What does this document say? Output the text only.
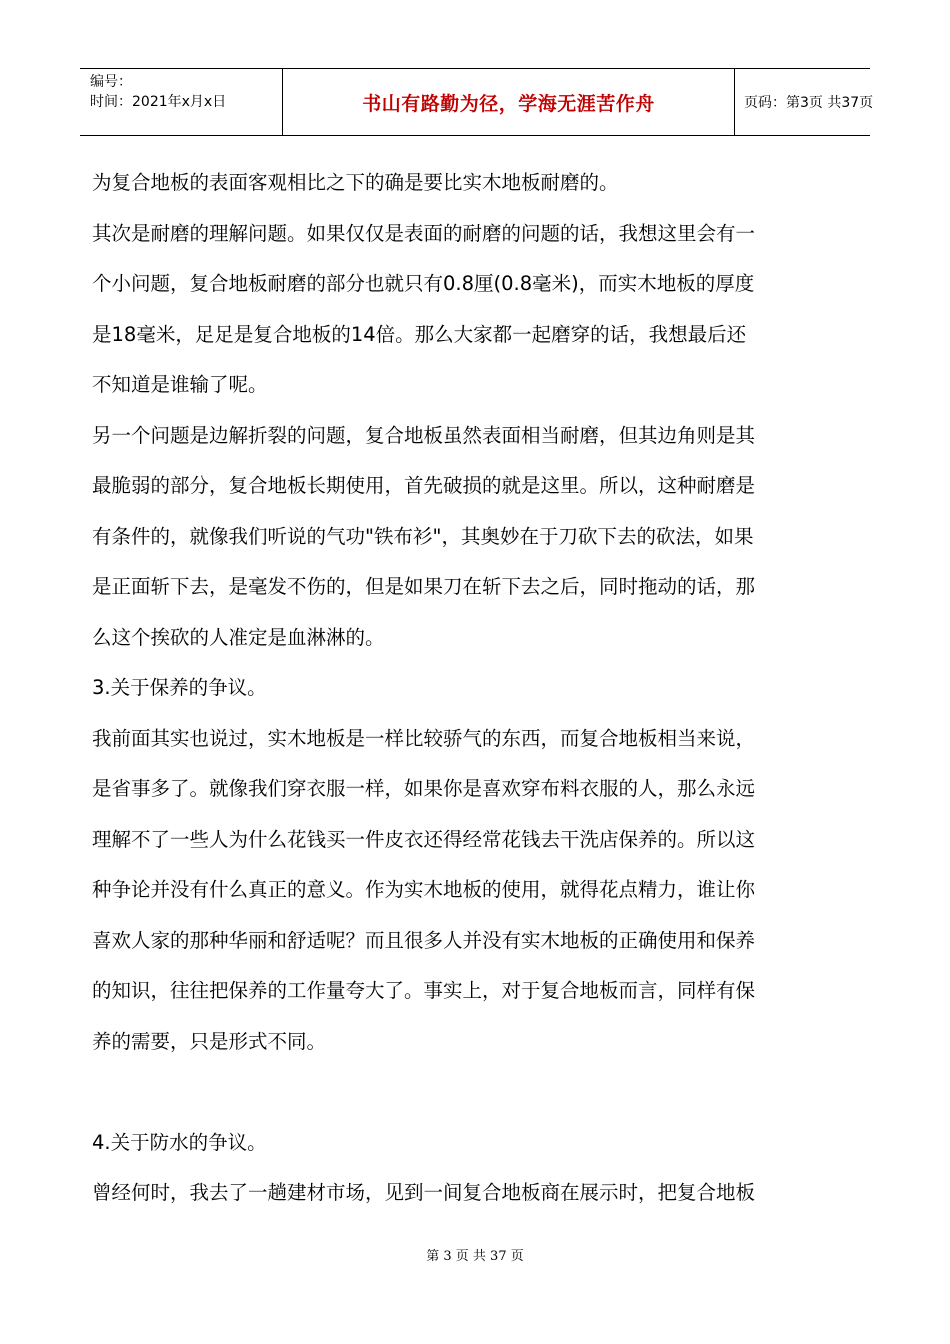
编号：
时间：2021年x月x日	书山有路勤为径，学海无涯苦作舟	页码：第3页 共37页
为复合地板的表面客观相比之下的确是要比实木地板耐磨的。
其次是耐磨的理解问题。如果仅仅是表面的耐磨的问题的话，我想这里会有一
个小问题，复合地板耐磨的部分也就只有0.8厘(0.8毫米)，而实木地板的厚度
是18毫米，足足是复合地板的14倍。那么大家都一起磨穿的话，我想最后还
不知道是谁输了呢。
另一个问题是边解折裂的问题，复合地板虽然表面相当耐磨，但其边角则是其
最脆弱的部分，复合地板长期使用，首先破损的就是这里。所以，这种耐磨是
有条件的，就像我们听说的气功"铁布衫"，其奥妙在于刀砍下去的砍法，如果
是正面斩下去，是毫发不伤的，但是如果刀在斩下去之后，同时拖动的话，那
么这个挨砍的人准定是血淋淋的。
3.关于保养的争议。
我前面其实也说过，实木地板是一样比较骄气的东西，而复合地板相当来说，
是省事多了。就像我们穿衣服一样，如果你是喜欢穿布料衣服的人，那么永远
理解不了一些人为什么花钱买一件皮衣还得经常花钱去干洗店保养的。所以这
种争论并没有什么真正的意义。作为实木地板的使用，就得花点精力，谁让你
喜欢人家的那种华丽和舒适呢？而且很多人并没有实木地板的正确使用和保养
的知识，往往把保养的工作量夸大了。事实上，对于复合地板而言，同样有保
养的需要，只是形式不同。
4.关于防水的争议。
曾经何时，我去了一趟建材市场，见到一间复合地板商在展示时，把复合地板
第 3 页 共 37 页
